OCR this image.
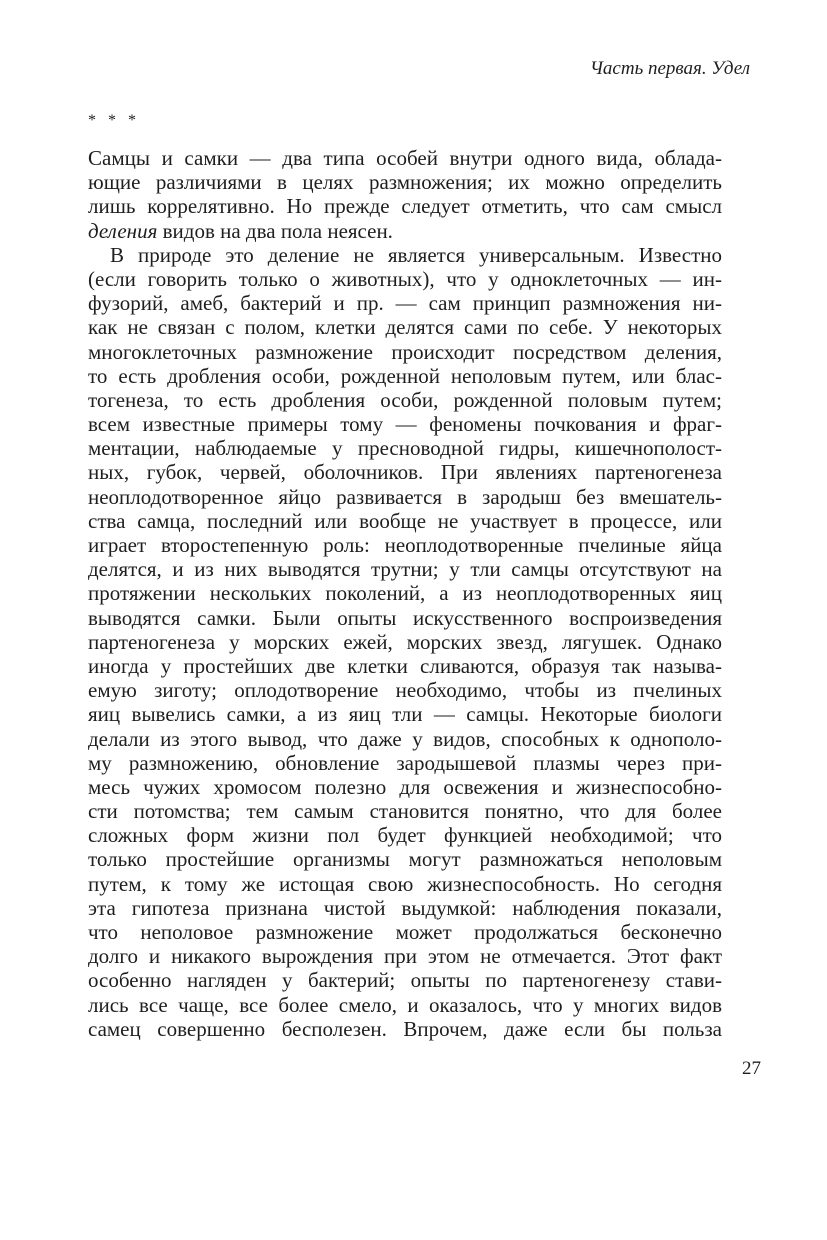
Часть первая. Удел
* * *
Самцы и самки — два типа особей внутри одного вида, облада-
ющие различиями в целях размножения; их можно определить
лишь коррелятивно. Но прежде следует отметить, что сам смысл
деления видов на два пола неясен.
В природе это деление не является универсальным. Известно
(если говорить только о животных), что у одноклеточных — ин-
фузорий, амеб, бактерий и пр. — сам принцип размножения ни-
как не связан с полом, клетки делятся сами по себе. У некоторых
многоклеточных размножение происходит посредством деления,
то есть дробления особи, рожденной неполовым путем, или блас-
тогенеза, то есть дробления особи, рожденной половым путем;
всем известные примеры тому — феномены почкования и фраг-
ментации, наблюдаемые у пресноводной гидры, кишечнополост-
ных, губок, червей, оболочников. При явлениях партеногенеза
неоплодотворенное яйцо развивается в зародыш без вмешатель-
ства самца, последний или вообще не участвует в процессе, или
играет второстепенную роль: неоплодотворенные пчелиные яйца
делятся, и из них выводятся трутни; у тли самцы отсутствуют на
протяжении нескольких поколений, а из неоплодотворенных яиц
выводятся самки. Были опыты искусственного воспроизведения
партеногенеза у морских ежей, морских звезд, лягушек. Однако
иногда у простейших две клетки сливаются, образуя так называ-
емую зиготу; оплодотворение необходимо, чтобы из пчелиных
яиц вывелись самки, а из яиц тли — самцы. Некоторые биологи
делали из этого вывод, что даже у видов, способных к однополо-
му размножению, обновление зародышевой плазмы через при-
месь чужих хромосом полезно для освежения и жизнеспособно-
сти потомства; тем самым становится понятно, что для более
сложных форм жизни пол будет функцией необходимой; что
только простейшие организмы могут размножаться неполовым
путем, к тому же истощая свою жизнеспособность. Но сегодня
эта гипотеза признана чистой выдумкой: наблюдения показали,
что неполовое размножение может продолжаться бесконечно
долго и никакого вырождения при этом не отмечается. Этот факт
особенно нагляден у бактерий; опыты по партеногенезу стави-
лись все чаще, все более смело, и оказалось, что у многих видов
самец совершенно бесполезен. Впрочем, даже если бы польза
27
